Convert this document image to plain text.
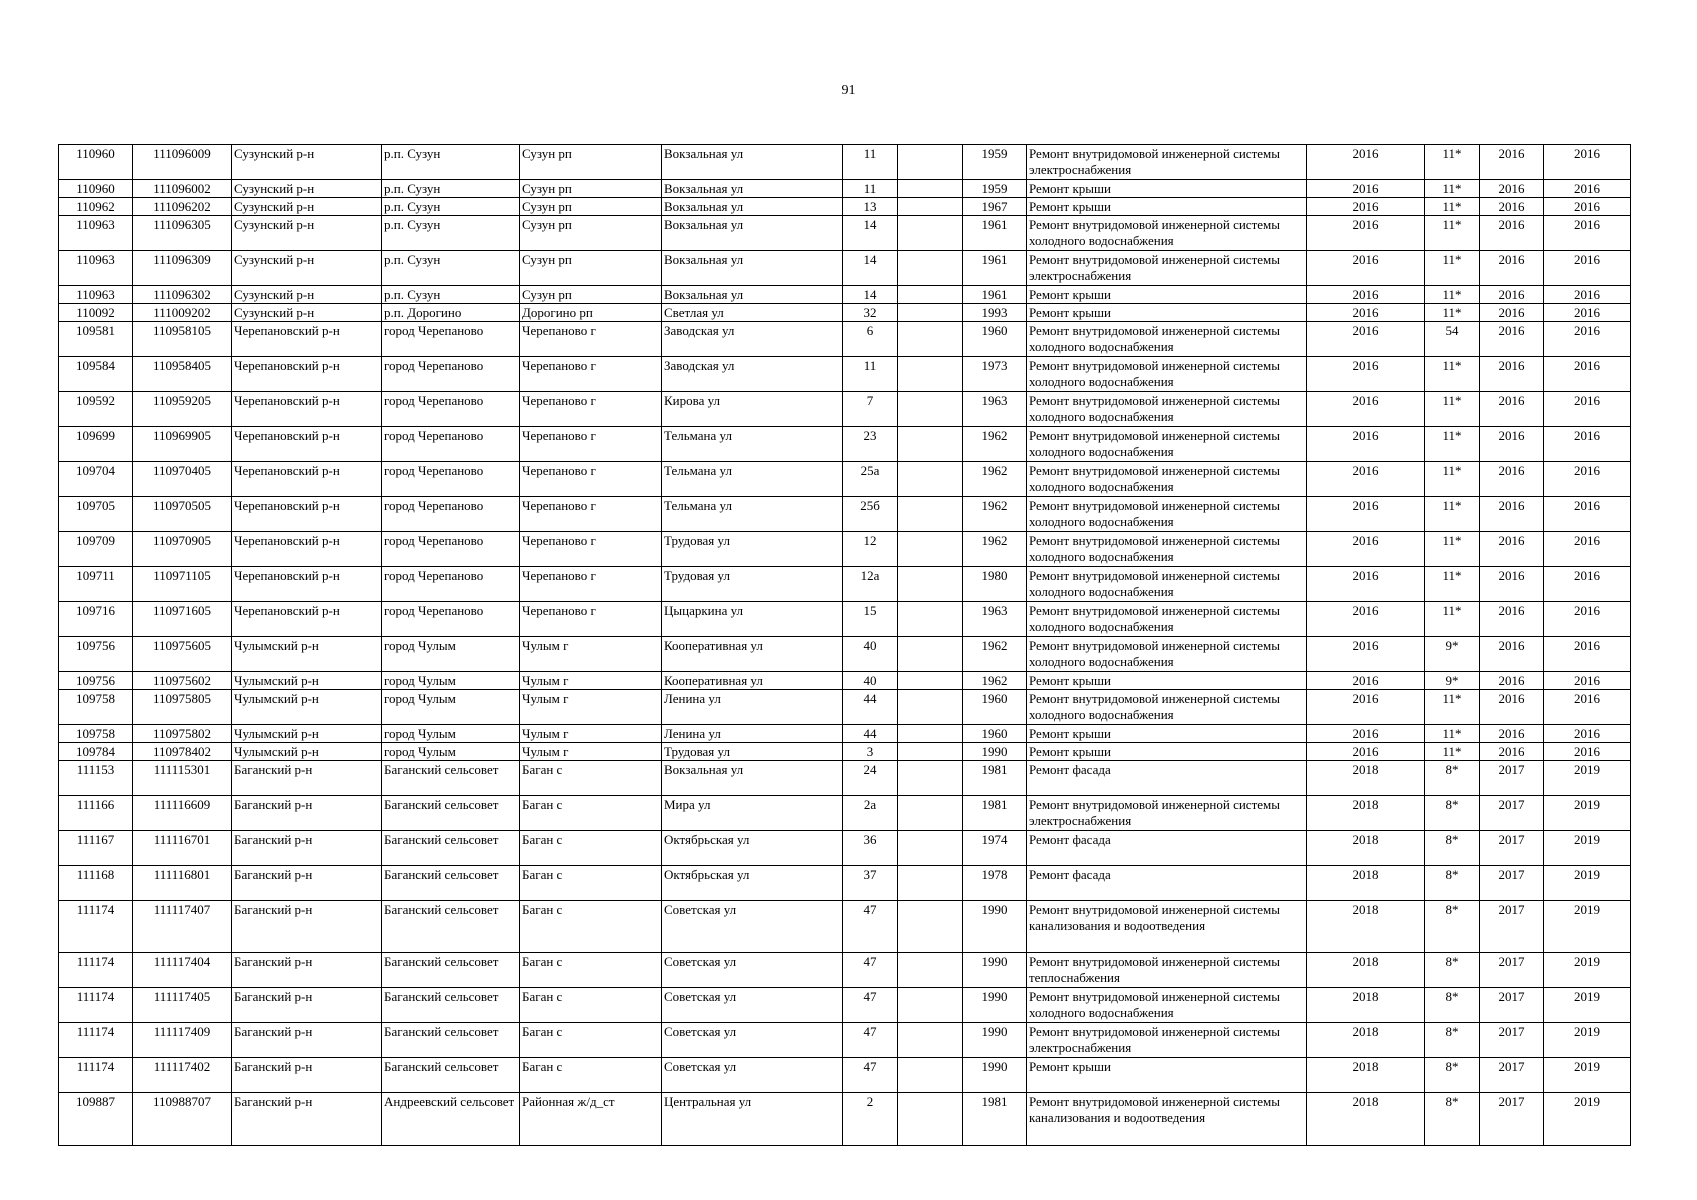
91
110960	111096009	Сузунский р-н	р.п. Сузун	Сузун рп	Вокзальная ул	11		1959	Ремонт внутридомовой инженерной системы электроснабжения	2016	11*	2016	2016
110960	111096002	Сузунский р-н	р.п. Сузун	Сузун рп	Вокзальная ул	11		1959	Ремонт крыши	2016	11*	2016	2016
110962	111096202	Сузунский р-н	р.п. Сузун	Сузун рп	Вокзальная ул	13		1967	Ремонт крыши	2016	11*	2016	2016
110963	111096305	Сузунский р-н	р.п. Сузун	Сузун рп	Вокзальная ул	14		1961	Ремонт внутридомовой инженерной системы холодного водоснабжения	2016	11*	2016	2016
110963	111096309	Сузунский р-н	р.п. Сузун	Сузун рп	Вокзальная ул	14		1961	Ремонт внутридомовой инженерной системы электроснабжения	2016	11*	2016	2016
110963	111096302	Сузунский р-н	р.п. Сузун	Сузун рп	Вокзальная ул	14		1961	Ремонт крыши	2016	11*	2016	2016
110092	111009202	Сузунский р-н	р.п. Дорогино	Дорогино рп	Светлая ул	32		1993	Ремонт крыши	2016	11*	2016	2016
109581	110958105	Черепановский р-н	город Черепаново	Черепаново г	Заводская ул	6		1960	Ремонт внутридомовой инженерной системы холодного водоснабжения	2016	54	2016	2016
109584	110958405	Черепановский р-н	город Черепаново	Черепаново г	Заводская ул	11		1973	Ремонт внутридомовой инженерной системы холодного водоснабжения	2016	11*	2016	2016
109592	110959205	Черепановский р-н	город Черепаново	Черепаново г	Кирова ул	7		1963	Ремонт внутридомовой инженерной системы холодного водоснабжения	2016	11*	2016	2016
109699	110969905	Черепановский р-н	город Черепаново	Черепаново г	Тельмана ул	23		1962	Ремонт внутридомовой инженерной системы холодного водоснабжения	2016	11*	2016	2016
109704	110970405	Черепановский р-н	город Черепаново	Черепаново г	Тельмана ул	25а		1962	Ремонт внутридомовой инженерной системы холодного водоснабжения	2016	11*	2016	2016
109705	110970505	Черепановский р-н	город Черепаново	Черепаново г	Тельмана ул	25б		1962	Ремонт внутридомовой инженерной системы холодного водоснабжения	2016	11*	2016	2016
109709	110970905	Черепановский р-н	город Черепаново	Черепаново г	Трудовая ул	12		1962	Ремонт внутридомовой инженерной системы холодного водоснабжения	2016	11*	2016	2016
109711	110971105	Черепановский р-н	город Черепаново	Черепаново г	Трудовая ул	12а		1980	Ремонт внутридомовой инженерной системы холодного водоснабжения	2016	11*	2016	2016
109716	110971605	Черепановский р-н	город Черепаново	Черепаново г	Цыцаркина ул	15		1963	Ремонт внутридомовой инженерной системы холодного водоснабжения	2016	11*	2016	2016
109756	110975605	Чулымский р-н	город Чулым	Чулым г	Кооперативная ул	40		1962	Ремонт внутридомовой инженерной системы холодного водоснабжения	2016	9*	2016	2016
109756	110975602	Чулымский р-н	город Чулым	Чулым г	Кооперативная ул	40		1962	Ремонт крыши	2016	9*	2016	2016
109758	110975805	Чулымский р-н	город Чулым	Чулым г	Ленина ул	44		1960	Ремонт внутридомовой инженерной системы холодного водоснабжения	2016	11*	2016	2016
109758	110975802	Чулымский р-н	город Чулым	Чулым г	Ленина ул	44		1960	Ремонт крыши	2016	11*	2016	2016
109784	110978402	Чулымский р-н	город Чулым	Чулым г	Трудовая ул	3		1990	Ремонт крыши	2016	11*	2016	2016
111153	111115301	Баганский р-н	Баганский сельсовет	Баган с	Вокзальная ул	24		1981	Ремонт фасада	2018	8*	2017	2019
111166	111116609	Баганский р-н	Баганский сельсовет	Баган с	Мира ул	2а		1981	Ремонт внутридомовой инженерной системы электроснабжения	2018	8*	2017	2019
111167	111116701	Баганский р-н	Баганский сельсовет	Баган с	Октябрьская ул	36		1974	Ремонт фасада	2018	8*	2017	2019
111168	111116801	Баганский р-н	Баганский сельсовет	Баган с	Октябрьская ул	37		1978	Ремонт фасада	2018	8*	2017	2019
111174	111117407	Баганский р-н	Баганский сельсовет	Баган с	Советская ул	47		1990	Ремонт внутридомовой инженерной системы канализования и водоотведения	2018	8*	2017	2019
111174	111117404	Баганский р-н	Баганский сельсовет	Баган с	Советская ул	47		1990	Ремонт внутридомовой инженерной системы теплоснабжения	2018	8*	2017	2019
111174	111117405	Баганский р-н	Баганский сельсовет	Баган с	Советская ул	47		1990	Ремонт внутридомовой инженерной системы холодного водоснабжения	2018	8*	2017	2019
111174	111117409	Баганский р-н	Баганский сельсовет	Баган с	Советская ул	47		1990	Ремонт внутридомовой инженерной системы электроснабжения	2018	8*	2017	2019
111174	111117402	Баганский р-н	Баганский сельсовет	Баган с	Советская ул	47		1990	Ремонт крыши	2018	8*	2017	2019
109887	110988707	Баганский р-н	Андреевский сельсовет	Районная ж/д_ст	Центральная ул	2		1981	Ремонт внутридомовой инженерной системы канализования и водоотведения	2018	8*	2017	2019
